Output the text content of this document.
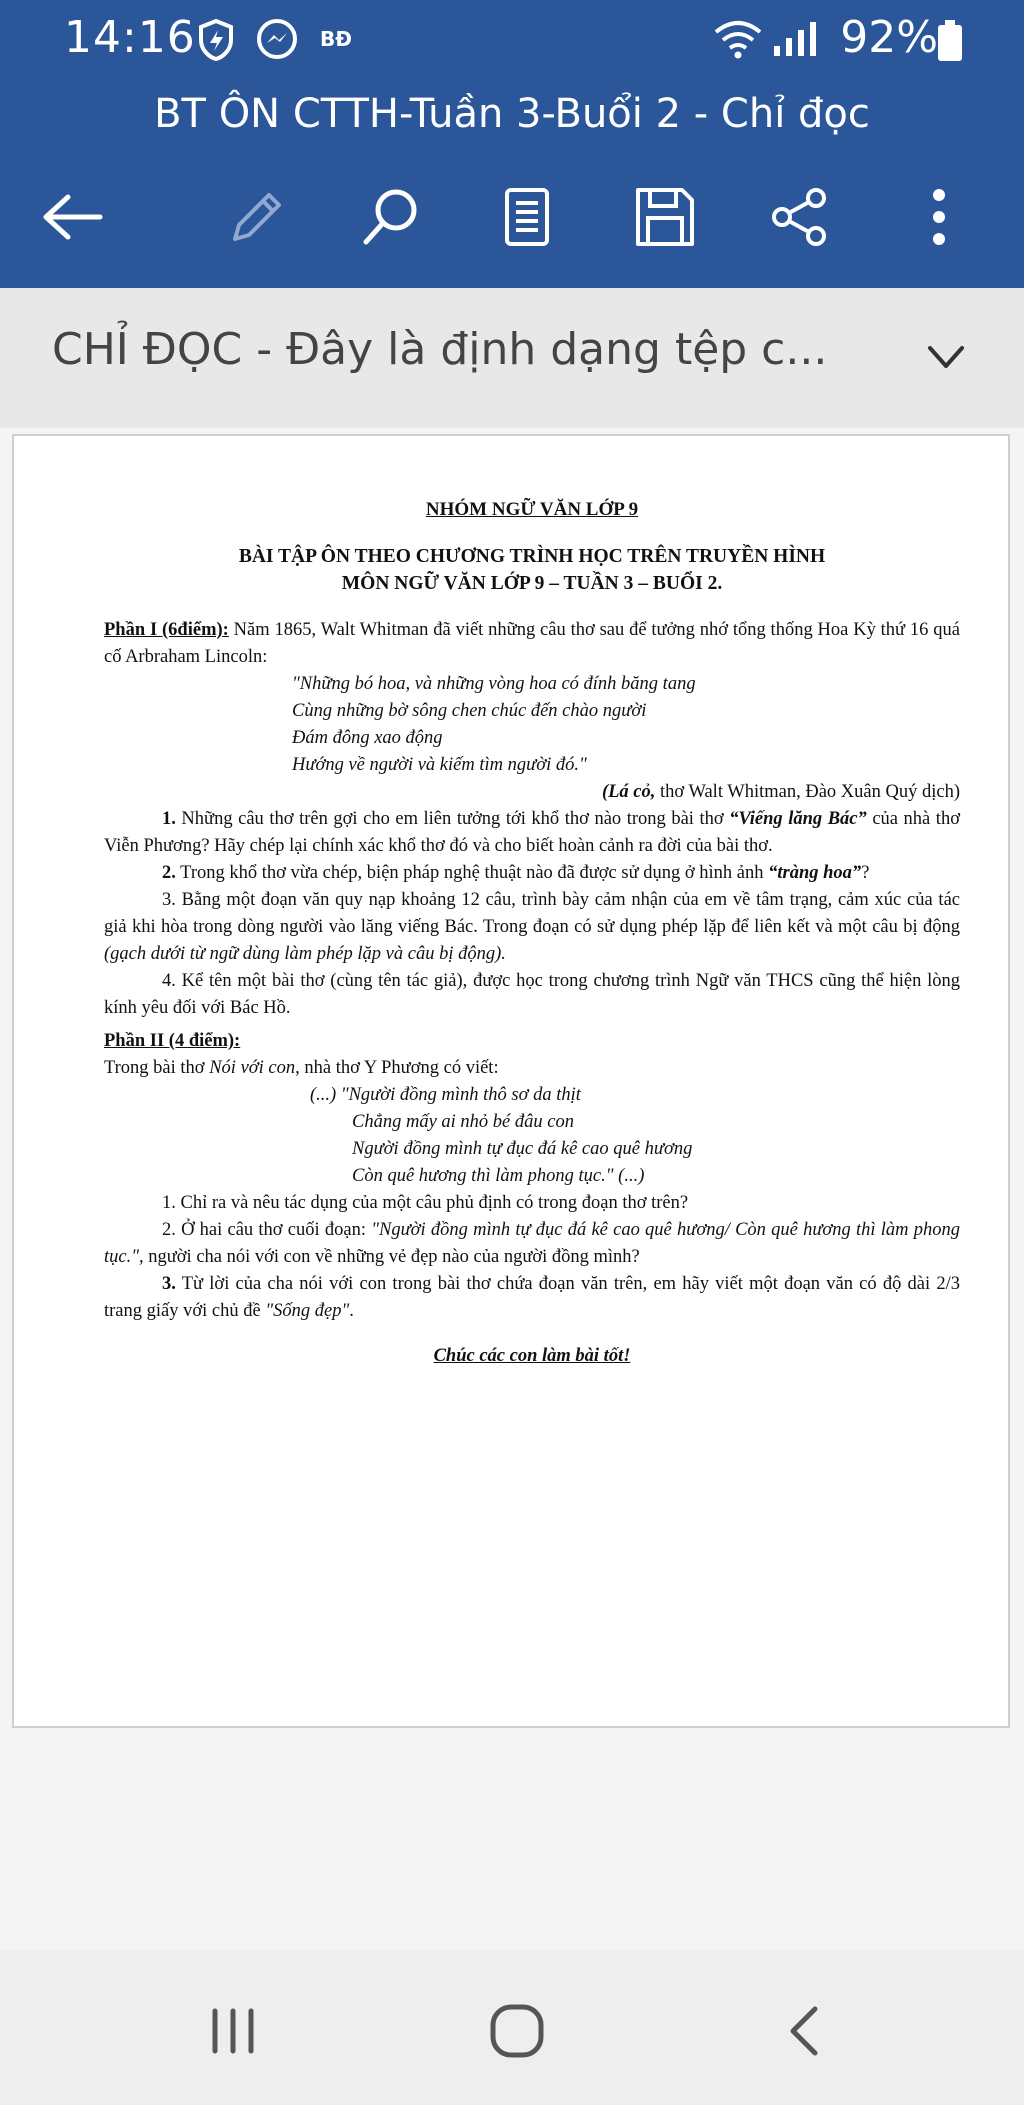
14:16	BĐ	92%
BT ÔN CTTH-Tuần 3-Buổi 2 - Chỉ đọc
CHỈ ĐỌC - Đây là định dạng tệp c...
NHÓM NGỮ VĂN LỚP 9
BÀI TẬP ÔN THEO CHƯƠNG TRÌNH HỌC TRÊN TRUYỀN HÌNH
MÔN NGỮ VĂN LỚP 9 – TUẦN 3 – BUỔI 2.
Phần I (6điểm): Năm 1865, Walt Whitman đã viết những câu thơ sau để tưởng nhớ tổng thống Hoa Kỳ thứ 16 quá cố Arbraham Lincoln:
"Những bó hoa, và những vòng hoa có đính băng tang
Cùng những bờ sông chen chúc đến chào người
Đám đông xao động
Hướng về người và kiếm tìm người đó."
(Lá cỏ, thơ Walt Whitman, Đào Xuân Quý dịch)
1. Những câu thơ trên gợi cho em liên tưởng tới khổ thơ nào trong bài thơ “Viếng lăng Bác” của nhà thơ Viễn Phương? Hãy chép lại chính xác khổ thơ đó và cho biết hoàn cảnh ra đời của bài thơ.
2. Trong khổ thơ vừa chép, biện pháp nghệ thuật nào đã được sử dụng ở hình ảnh “tràng hoa”?
3. Bằng một đoạn văn quy nạp khoảng 12 câu, trình bày cảm nhận của em về tâm trạng, cảm xúc của tác giả khi hòa trong dòng người vào lăng viếng Bác. Trong đoạn có sử dụng phép lặp để liên kết và một câu bị động (gạch dưới từ ngữ dùng làm phép lặp và câu bị động).
4. Kể tên một bài thơ (cùng tên tác giả), được học trong chương trình Ngữ văn THCS cũng thể hiện lòng kính yêu đối với Bác Hồ.
Phần II (4 điểm):
Trong bài thơ Nói với con, nhà thơ Y Phương có viết:
(...) "Người đồng mình thô sơ da thịt
Chẳng mấy ai nhỏ bé đâu con
Người đồng mình tự đục đá kê cao quê hương
Còn quê hương thì làm phong tục." (...)
1. Chỉ ra và nêu tác dụng của một câu phủ định có trong đoạn thơ trên?
2. Ở hai câu thơ cuối đoạn: "Người đồng mình tự đục đá kê cao quê hương/ Còn quê hương thì làm phong tục.", người cha nói với con về những vẻ đẹp nào của người đồng mình?
3. Từ lời của cha nói với con trong bài thơ chứa đoạn văn trên, em hãy viết một đoạn văn có độ dài 2/3 trang giấy với chủ đề "Sống đẹp".
Chúc các con làm bài tốt!
